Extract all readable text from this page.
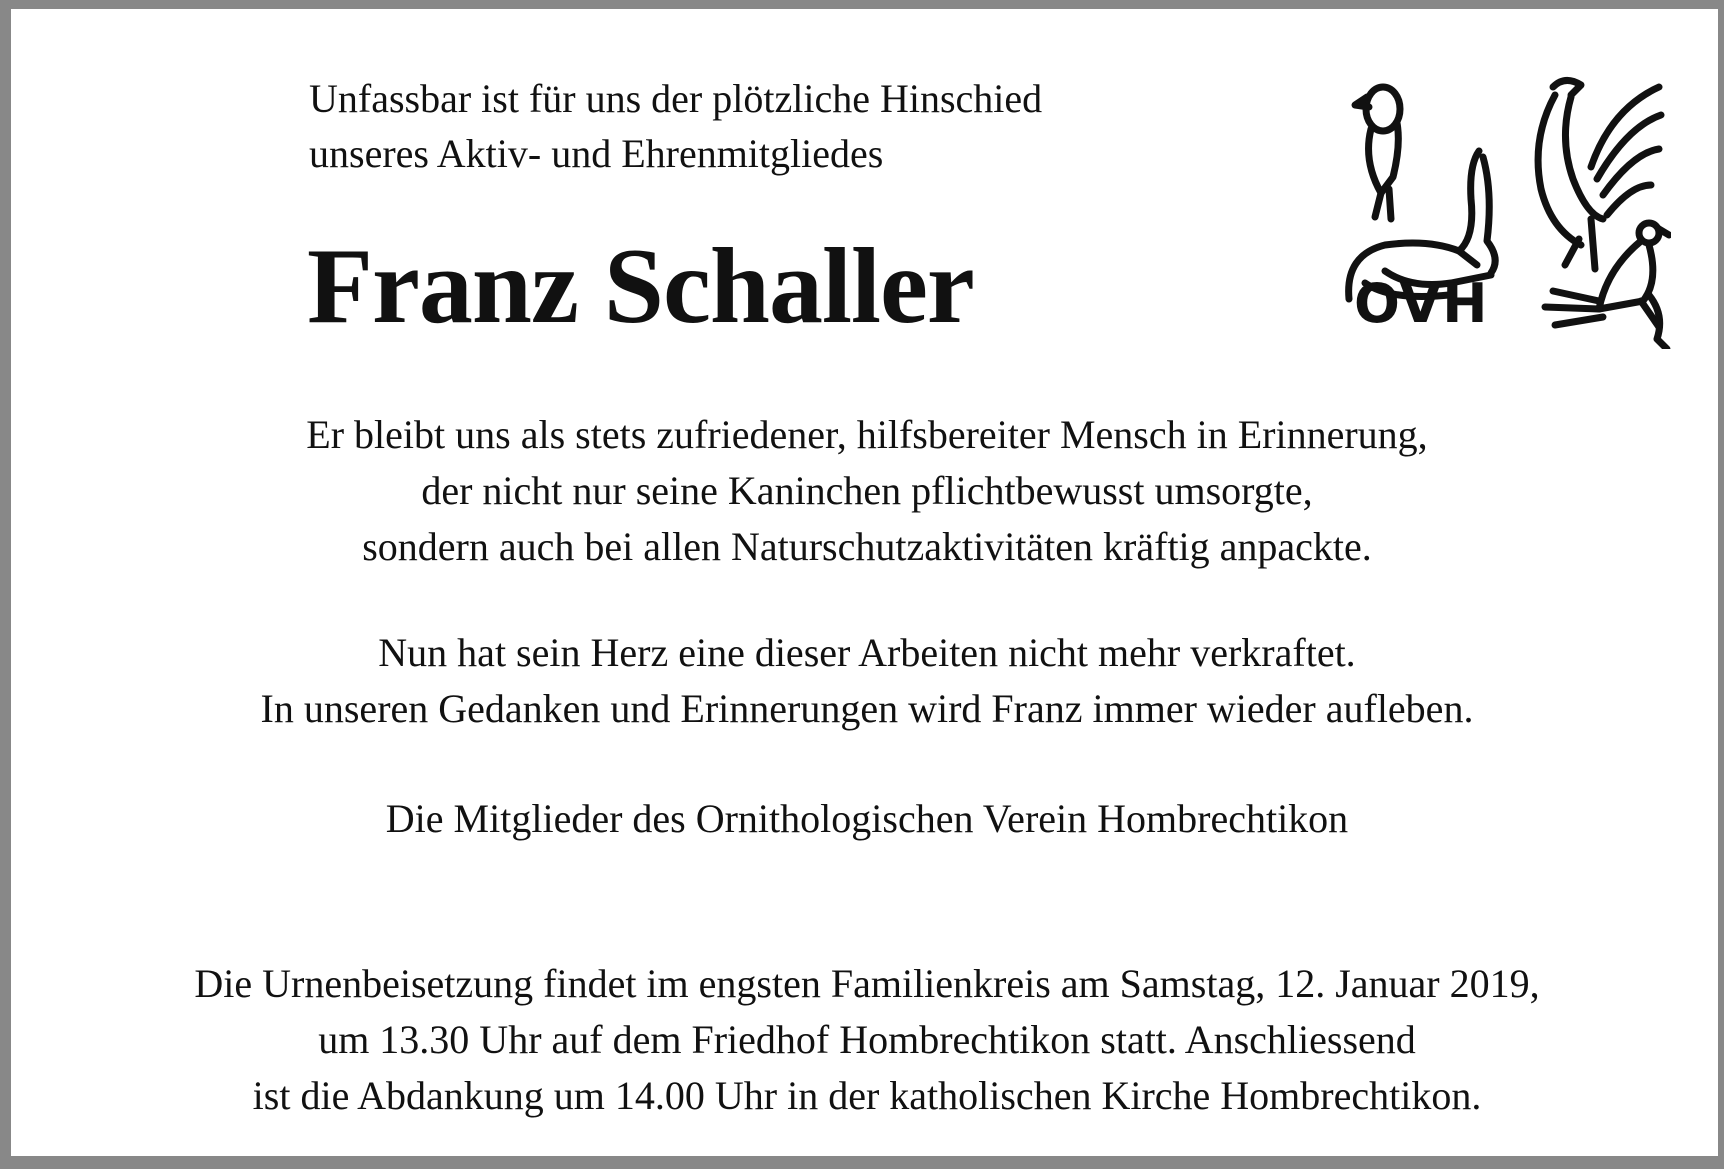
Unfassbar ist für uns der plötzliche Hinschied
unseres Aktiv- und Ehrenmitgliedes
Franz Schaller	OVH
Er bleibt uns als stets zufriedener, hilfsbereiter Mensch in Erinnerung,
der nicht nur seine Kaninchen pflichtbewusst umsorgte,
sondern auch bei allen Naturschutzaktivitäten kräftig anpackte.
Nun hat sein Herz eine dieser Arbeiten nicht mehr verkraftet.
In unseren Gedanken und Erinnerungen wird Franz immer wieder aufleben.
Die Mitglieder des Ornithologischen Verein Hombrechtikon
Die Urnenbeisetzung findet im engsten Familienkreis am Samstag, 12. Januar 2019,
um 13.30 Uhr auf dem Friedhof Hombrechtikon statt. Anschliessend
ist die Abdankung um 14.00 Uhr in der katholischen Kirche Hombrechtikon.
